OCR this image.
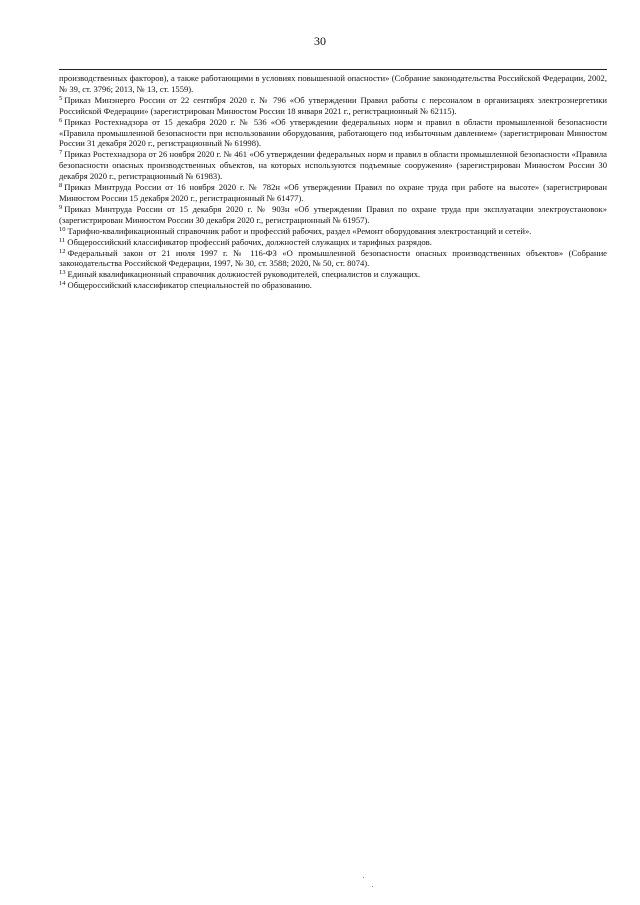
30

производственных факторов), а также работающими в условиях повышенной опасности» (Собрание законодательства Российской Федерации, 2002, № 39, ст. 3796; 2013, № 13, ст. 1559).

$^5$ Приказ Минэнерго России от 22 сентября 2020 г. № 796 «Об утверждении Правил работы с персоналом в организациях электроэнергетики Российской Федерации» (зарегистрирован Минюстом России 18 января 2021 г., регистрационный № 62115).

$^6$ Приказ Ростехнадзора от 15 декабря 2020 г. № 536 «Об утверждении федеральных норм и правил в области промышленной безопасности «Правила промышленной безопасности при использовании оборудования, работающего под избыточным давлением» (зарегистрирован Минюстом России 31 декабря 2020 г., регистрационный № 61998).

$^7$ Приказ Ростехнадзора от 26 ноября 2020 г. № 461 «Об утверждении федеральных норм и правил в области промышленной безопасности «Правила безопасности опасных производственных объектов, на которых используются подъемные сооружения» (зарегистрирован Минюстом России 30 декабря 2020 г., регистрационный № 61983).

$^8$ Приказ Минтруда России от 16 ноября 2020 г. № 782н «Об утверждении Правил по охране труда при работе на высоте» (зарегистрирован Минюстом России 15 декабря 2020 г., регистрационный № 61477).

$^9$ Приказ Минтруда России от 15 декабря 2020 г. № 903н «Об утверждении Правил по охране труда при эксплуатации электроустановок» (зарегистрирован Минюстом России 30 декабря 2020 г., регистрационный № 61957).

$^{10}$ Тарифно-квалификационный справочник работ и профессий рабочих, раздел «Ремонт оборудования электростанций и сетей».

$^{11}$ Общероссийский классификатор профессий рабочих, должностей служащих и тарифных разрядов.

$^{12}$ Федеральный закон от 21 июля 1997 г. № 116-ФЗ «О промышленной безопасности опасных производственных объектов» (Собрание законодательства Российской Федерации, 1997, № 30, ст. 3588; 2020, № 50, ст. 8074).

$^{13}$ Единый квалификационный справочник должностей руководителей, специалистов и служащих.

$^{14}$ Общероссийский классификатор специальностей по образованию.
